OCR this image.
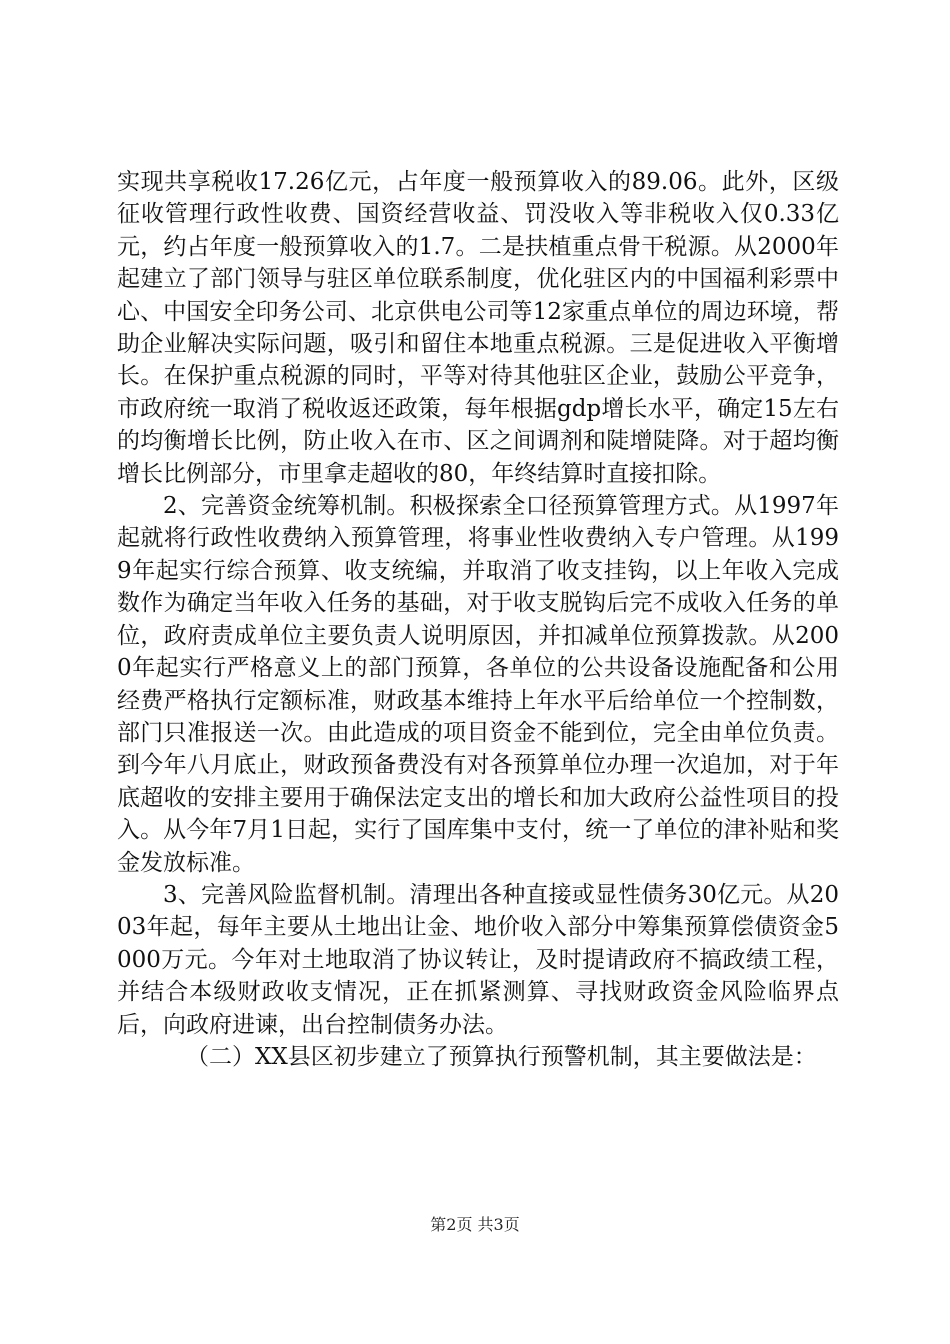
实现共享税收17.26亿元，占年度一般预算收入的89.06。此外，区级征收管理行政性收费、国资经营收益、罚没收入等非税收入仅0.33亿元，约占年度一般预算收入的1.7。二是扶植重点骨干税源。从2000年起建立了部门领导与驻区单位联系制度，优化驻区内的中国福利彩票中心、中国安全印务公司、北京供电公司等12家重点单位的周边环境，帮助企业解决实际问题，吸引和留住本地重点税源。三是促进收入平衡增长。在保护重点税源的同时，平等对待其他驻区企业，鼓励公平竞争，市政府统一取消了税收返还政策，每年根据gdp增长水平，确定15左右的均衡增长比例，防止收入在市、区之间调剂和陡增陡降。对于超均衡增长比例部分，市里拿走超收的80，年终结算时直接扣除。

2、完善资金统筹机制。积极探索全口径预算管理方式。从1997年起就将行政性收费纳入预算管理，将事业性收费纳入专户管理。从1999年起实行综合预算、收支统编，并取消了收支挂钩，以上年收入完成数作为确定当年收入任务的基础，对于收支脱钩后完不成收入任务的单位，政府责成单位主要负责人说明原因，并扣减单位预算拨款。从2000年起实行严格意义上的部门预算，各单位的公共设备设施配备和公用经费严格执行定额标准，财政基本维持上年水平后给单位一个控制数，部门只准报送一次。由此造成的项目资金不能到位，完全由单位负责。到今年八月底止，财政预备费没有对各预算单位办理一次追加，对于年底超收的安排主要用于确保法定支出的增长和加大政府公益性项目的投入。从今年7月1日起，实行了国库集中支付，统一了单位的津补贴和奖金发放标准。

3、完善风险监督机制。清理出各种直接或显性债务30亿元。从2003年起，每年主要从土地出让金、地价收入部分中筹集预算偿债资金5000万元。今年对土地取消了协议转让，及时提请政府不搞政绩工程，并结合本级财政收支情况，正在抓紧测算、寻找财政资金风险临界点后，向政府进谏，出台控制债务办法。

（二）XX县区初步建立了预算执行预警机制，其主要做法是：

第2页 共3页
